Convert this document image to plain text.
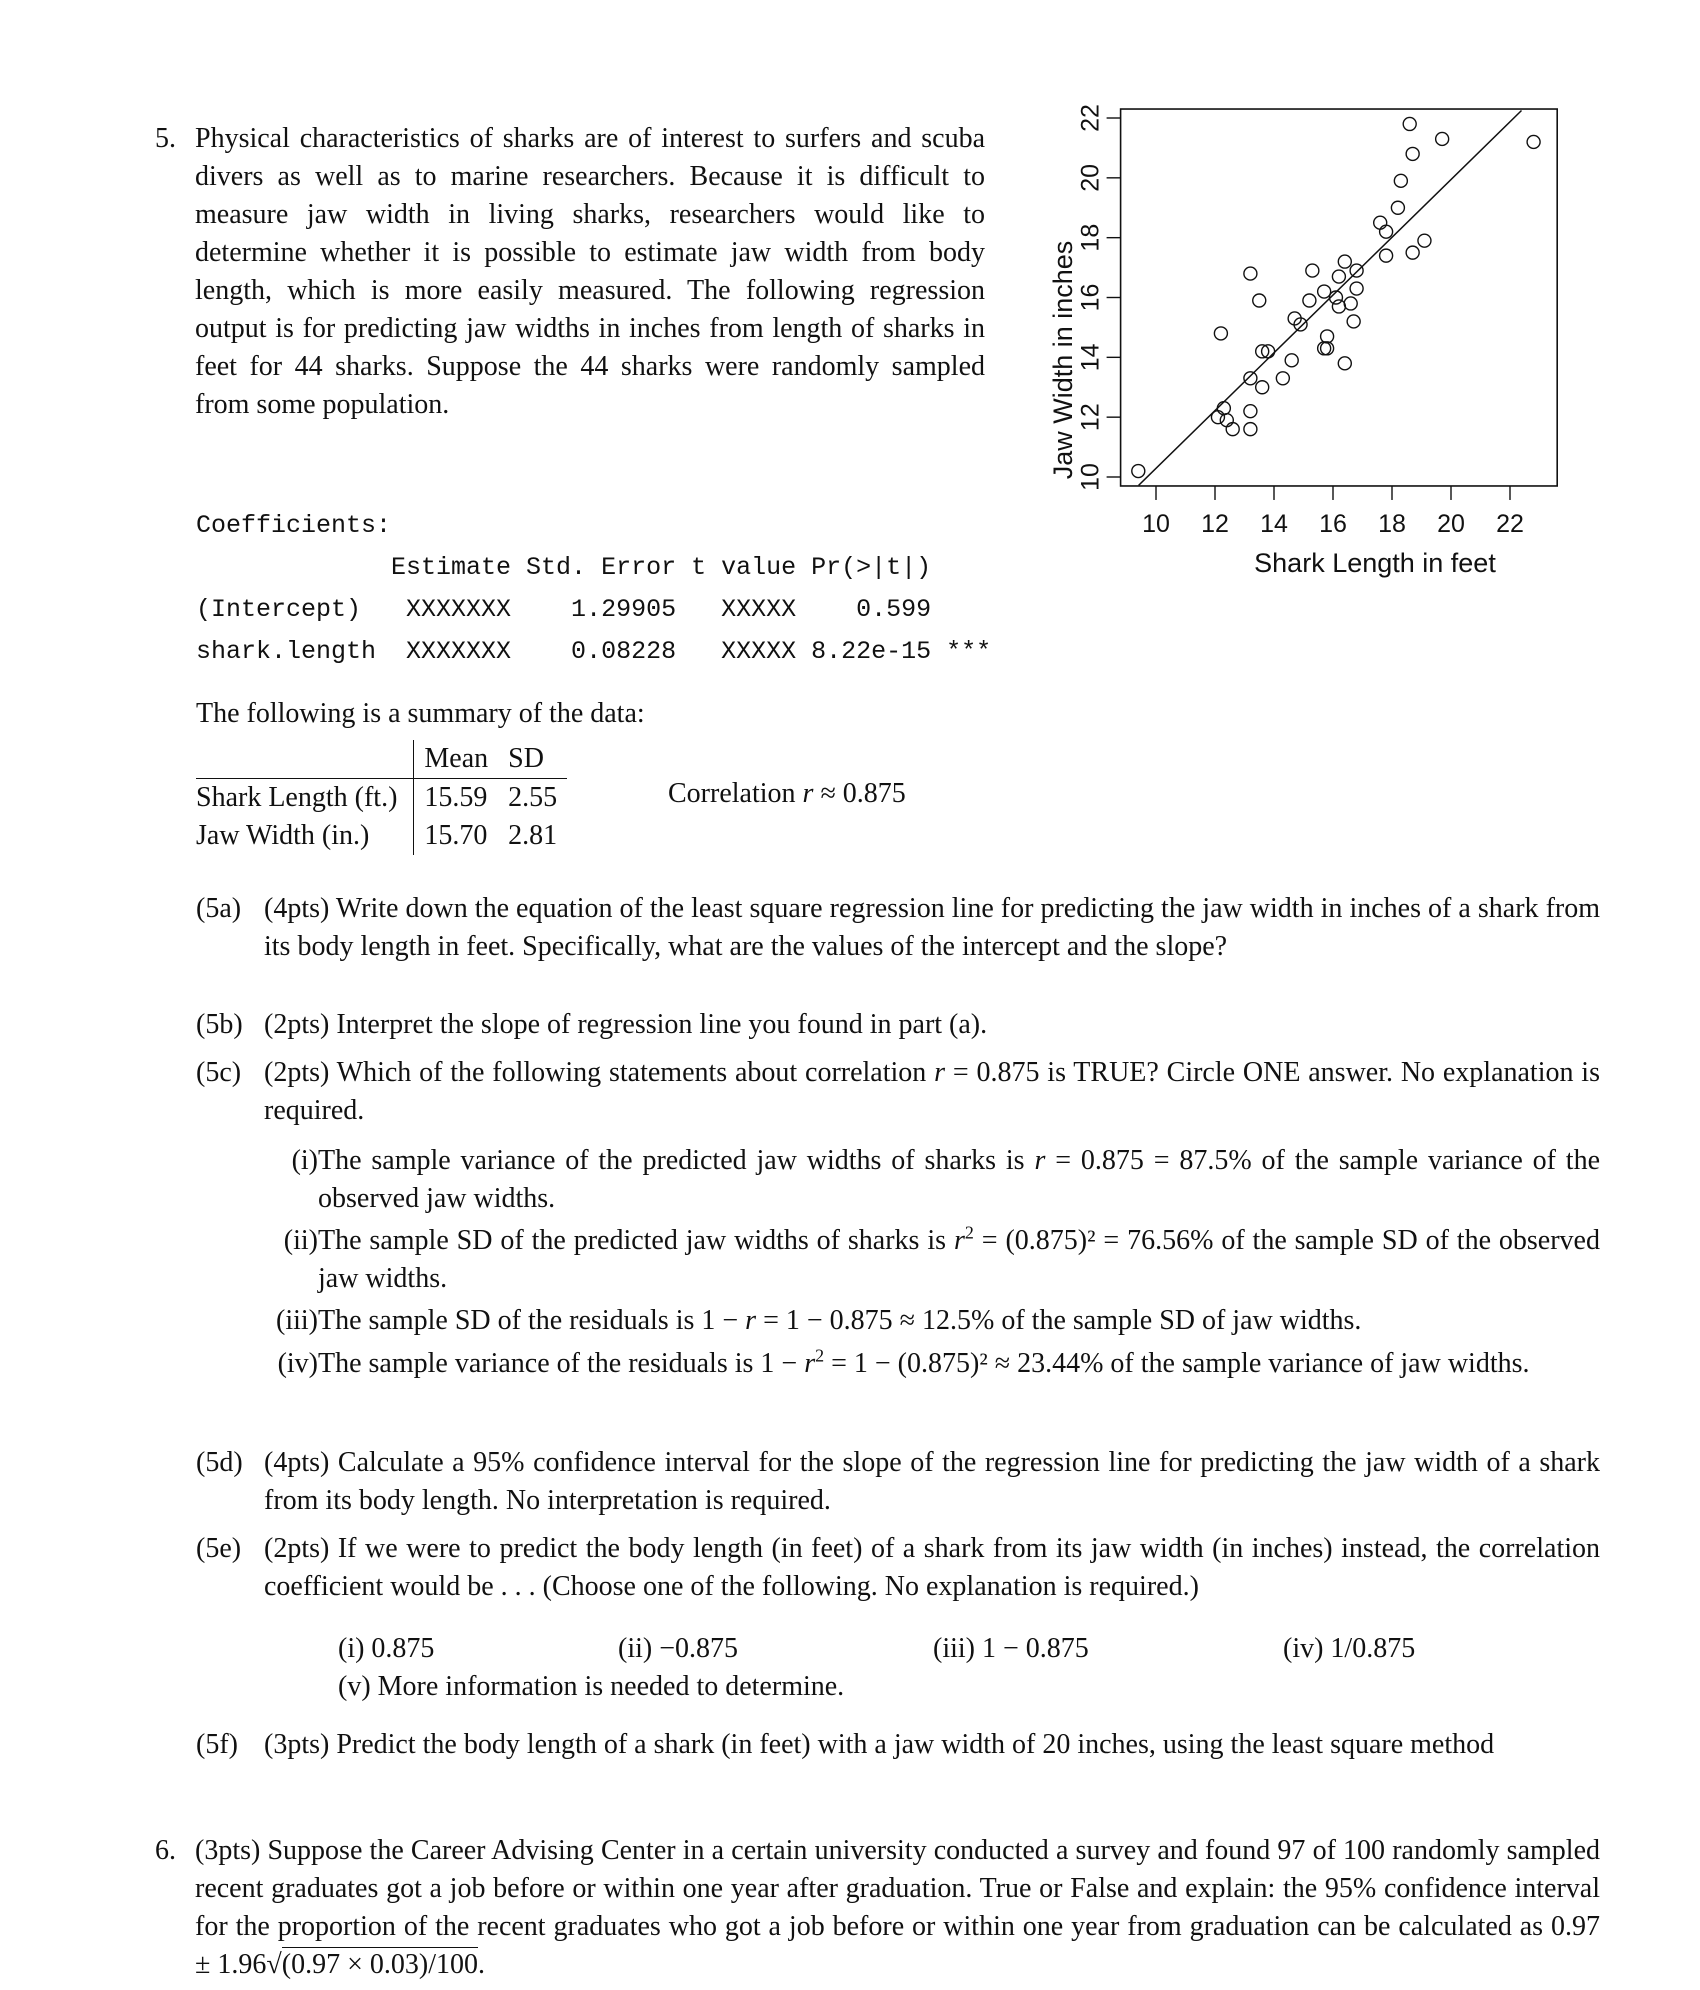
5. Physical characteristics of sharks are of interest to surfers and scuba divers as well as to marine researchers. Because it is difficult to measure jaw width in living sharks, researchers would like to determine whether it is possible to estimate jaw width from body length, which is more easily measured. The following regression output is for predicting jaw widths in inches from length of sharks in feet for 44 sharks. Suppose the 44 sharks were randomly sampled from some population.
Coefficients:
Estimate Std. Error t value Pr(>|t|)
(Intercept)   XXXXXXX    1.29905   XXXXX    0.599
shark.length  XXXXXXX    0.08228   XXXXX 8.22e-15 ***
The following is a summary of the data:
	Mean	SD
Shark Length (ft.)	15.59	2.55
Jaw Width (in.)	15.70	2.81
Correlation r ≈ 0.875
(5a) (4pts) Write down the equation of the least square regression line for predicting the jaw width in inches of a shark from its body length in feet. Specifically, what are the values of the intercept and the slope?
(5b) (2pts) Interpret the slope of regression line you found in part (a).
(5c) (2pts) Which of the following statements about correlation r = 0.875 is TRUE? Circle ONE answer. No explanation is required.
(i) The sample variance of the predicted jaw widths of sharks is r = 0.875 = 87.5% of the sample variance of the observed jaw widths.
(ii) The sample SD of the predicted jaw widths of sharks is $r^2 = (0.875)^2 = 76.56\%$ of the sample SD of the observed jaw widths.
(iii) The sample SD of the residuals is 1 − r = 1 − 0.875 ≈ 12.5% of the sample SD of jaw widths.
(iv) The sample variance of the residuals is $1 - r^2 = 1 - (0.875)^2 \approx 23.44\%$ of the sample variance of jaw widths.
(5d) (4pts) Calculate a 95% confidence interval for the slope of the regression line for predicting the jaw width of a shark from its body length. No interpretation is required.
(5e) (2pts) If we were to predict the body length (in feet) of a shark from its jaw width (in inches) instead, the correlation coefficient would be . . . (Choose one of the following. No explanation is required.)
(i) 0.875	(ii) −0.875	(iii) 1 − 0.875	(iv) 1/0.875
(v) More information is needed to determine.
(5f) (3pts) Predict the body length of a shark (in feet) with a jaw width of 20 inches, using the least square method
6. (3pts) Suppose the Career Advising Center in a certain university conducted a survey and found 97 of 100 randomly sampled recent graduates got a job before or within one year after graduation. True or False and explain: the 95% confidence interval for the proportion of the recent graduates who got a job before or within one year from graduation can be calculated as 0.97 ± 1.96√(0.97 × 0.03)/100.
10 12 14 16 18 20 22
10
12
14
16
18
20
22
Shark Length in feet
Jaw Width in inches
